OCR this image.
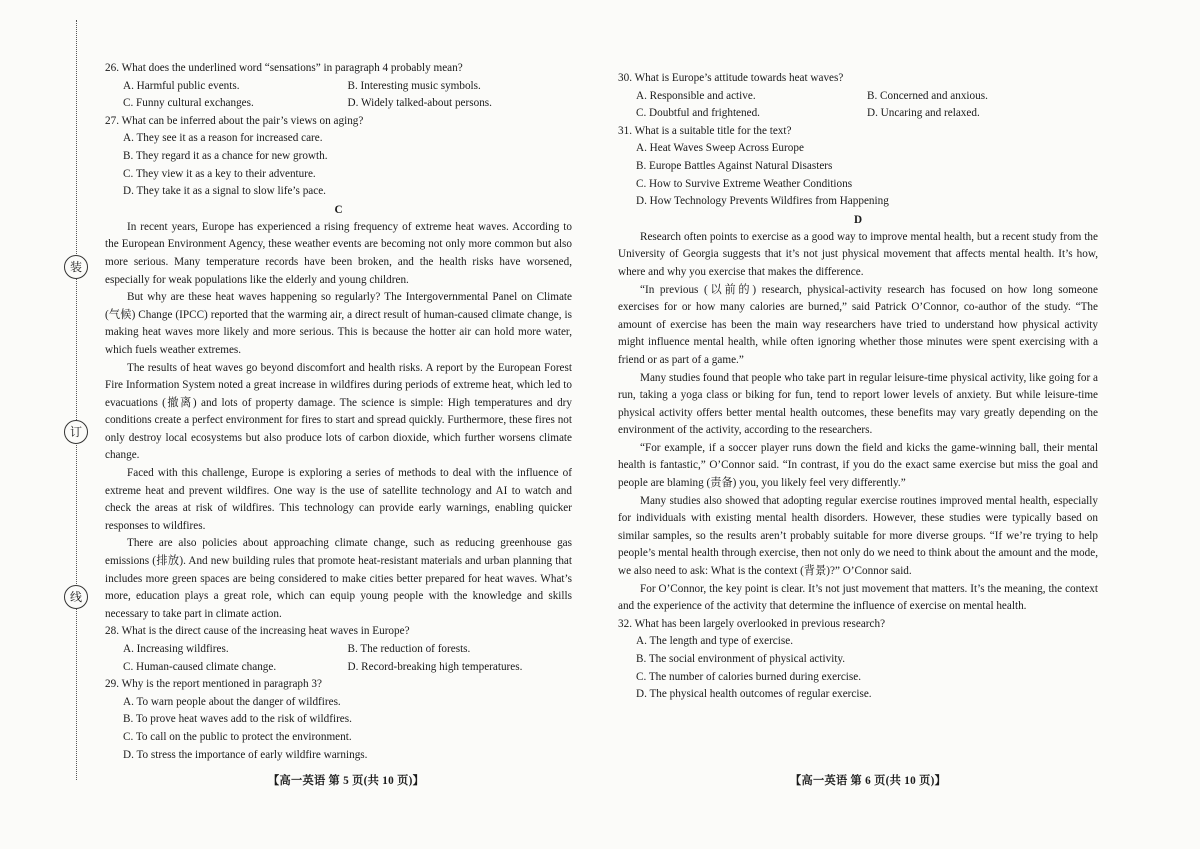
装
订
线

26. What does the underlined word “sensations” in paragraph 4 probably mean?

A. Harmful public events.	B. Interesting music symbols.
C. Funny cultural exchanges.	D. Widely talked-about persons.

27. What can be inferred about the pair’s views on aging?

A. They see it as a reason for increased care.
B. They regard it as a chance for new growth.
C. They view it as a key to their adventure.
D. They take it as a signal to slow life’s pace.
C

In recent years, Europe has experienced a rising frequency of extreme heat waves. According to the European Environment Agency, these weather events are becoming not only more common but also more serious. Many temperature records have been broken, and the health risks have worsened, especially for weak populations like the elderly and young children.

But why are these heat waves happening so regularly? The Intergovernmental Panel on Climate (气候) Change (IPCC) reported that the warming air, a direct result of human-caused climate change, is making heat waves more likely and more serious. This is because the hotter air can hold more water, which fuels weather extremes.

The results of heat waves go beyond discomfort and health risks. A report by the European Forest Fire Information System noted a great increase in wildfires during periods of extreme heat, which led to evacuations (撤离) and lots of property damage. The science is simple: High temperatures and dry conditions create a perfect environment for fires to start and spread quickly. Furthermore, these fires not only destroy local ecosystems but also produce lots of carbon dioxide, which further worsens climate change.

Faced with this challenge, Europe is exploring a series of methods to deal with the influence of extreme heat and prevent wildfires. One way is the use of satellite technology and AI to watch and check the areas at risk of wildfires. This technology can provide early warnings, enabling quicker responses to wildfires.

There are also policies about approaching climate change, such as reducing greenhouse gas emissions (排放). And new building rules that promote heat-resistant materials and urban planning that includes more green spaces are being considered to make cities better prepared for heat waves. What’s more, education plays a great role, which can equip young people with the knowledge and skills necessary to take part in climate action.

28. What is the direct cause of the increasing heat waves in Europe?

A. Increasing wildfires.	B. The reduction of forests.
C. Human-caused climate change.	D. Record-breaking high temperatures.

29. Why is the report mentioned in paragraph 3?

A. To warn people about the danger of wildfires.
B. To prove heat waves add to the risk of wildfires.
C. To call on the public to protect the environment.
D. To stress the importance of early wildfire warnings.

30. What is Europe’s attitude towards heat waves?

A. Responsible and active.	B. Concerned and anxious.
C. Doubtful and frightened.	D. Uncaring and relaxed.

31. What is a suitable title for the text?

A. Heat Waves Sweep Across Europe
B. Europe Battles Against Natural Disasters
C. How to Survive Extreme Weather Conditions
D. How Technology Prevents Wildfires from Happening
D

Research often points to exercise as a good way to improve mental health, but a recent study from the University of Georgia suggests that it’s not just physical movement that affects mental health. It’s how, where and why you exercise that makes the difference.

“In previous (以前的) research, physical-activity research has focused on how long someone exercises for or how many calories are burned,” said Patrick O’Connor, co-author of the study. “The amount of exercise has been the main way researchers have tried to understand how physical activity might influence mental health, while often ignoring whether those minutes were spent exercising with a friend or as part of a game.”

Many studies found that people who take part in regular leisure-time physical activity, like going for a run, taking a yoga class or biking for fun, tend to report lower levels of anxiety. But while leisure-time physical activity offers better mental health outcomes, these benefits may vary greatly depending on the environment of the activity, according to the researchers.

“For example, if a soccer player runs down the field and kicks the game-winning ball, their mental health is fantastic,” O’Connor said. “In contrast, if you do the exact same exercise but miss the goal and people are blaming (责备) you, you likely feel very differently.”

Many studies also showed that adopting regular exercise routines improved mental health, especially for individuals with existing mental health disorders. However, these studies were typically based on similar samples, so the results aren’t probably suitable for more diverse groups. “If we’re trying to help people’s mental health through exercise, then not only do we need to think about the amount and the mode, we also need to ask: What is the context (背景)?” O’Connor said.

For O’Connor, the key point is clear. It’s not just movement that matters. It’s the meaning, the context and the experience of the activity that determine the influence of exercise on mental health.

32. What has been largely overlooked in previous research?

A. The length and type of exercise.
B. The social environment of physical activity.
C. The number of calories burned during exercise.
D. The physical health outcomes of regular exercise.
【高一英语 第 5 页(共 10 页)】	【高一英语 第 6 页(共 10 页)】
